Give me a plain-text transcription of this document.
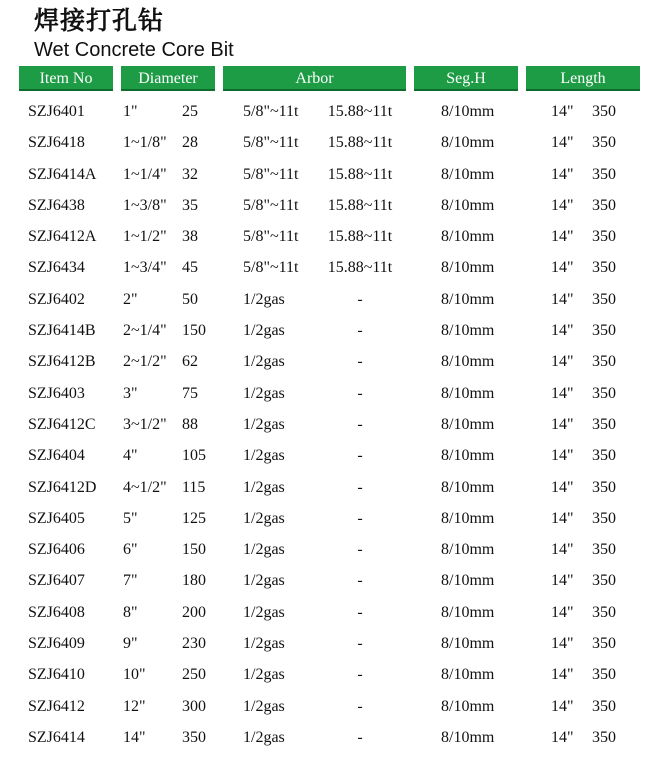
焊接打孔钻
Wet Concrete Core Bit
Item No	Diameter	Arbor	Seg.H	Length
SZJ6401 1"	25	5/8"~11t 15.88~11t	8/10mm	14" 350
SZJ6418 1~1/8" 28	5/8"~11t 15.88~11t	8/10mm	14" 350
SZJ6414A 1~1/4" 32	5/8"~11t 15.88~11t	8/10mm	14" 350
SZJ6438 1~3/8" 35	5/8"~11t 15.88~11t	8/10mm	14" 350
SZJ6412A 1~1/2" 38	5/8"~11t 15.88~11t	8/10mm	14" 350
SZJ6434 1~3/4" 45	5/8"~11t 15.88~11t	8/10mm	14" 350
SZJ6402 2"	50	1/2gas	-	8/10mm	14" 350
SZJ6414B 2~1/4" 150 1/2gas	-	8/10mm	14" 350
SZJ6412B 2~1/2" 62	1/2gas	-	8/10mm	14" 350
SZJ6403 3"	75	1/2gas	-	8/10mm	14" 350
SZJ6412C 3~1/2" 88	1/2gas	-	8/10mm	14" 350
SZJ6404 4"	105 1/2gas	-	8/10mm	14" 350
SZJ6412D 4~1/2" 115 1/2gas	-	8/10mm	14" 350
SZJ6405 5"	125 1/2gas	-	8/10mm	14" 350
SZJ6406 6"	150 1/2gas	-	8/10mm	14" 350
SZJ6407 7"	180 1/2gas	-	8/10mm	14" 350
SZJ6408 8"	200 1/2gas	-	8/10mm	14" 350
SZJ6409 9"	230 1/2gas	-	8/10mm	14" 350
SZJ6410 10" 250 1/2gas	-	8/10mm	14" 350
SZJ6412 12" 300 1/2gas	-	8/10mm	14" 350
SZJ6414 14" 350 1/2gas	-	8/10mm	14" 350
